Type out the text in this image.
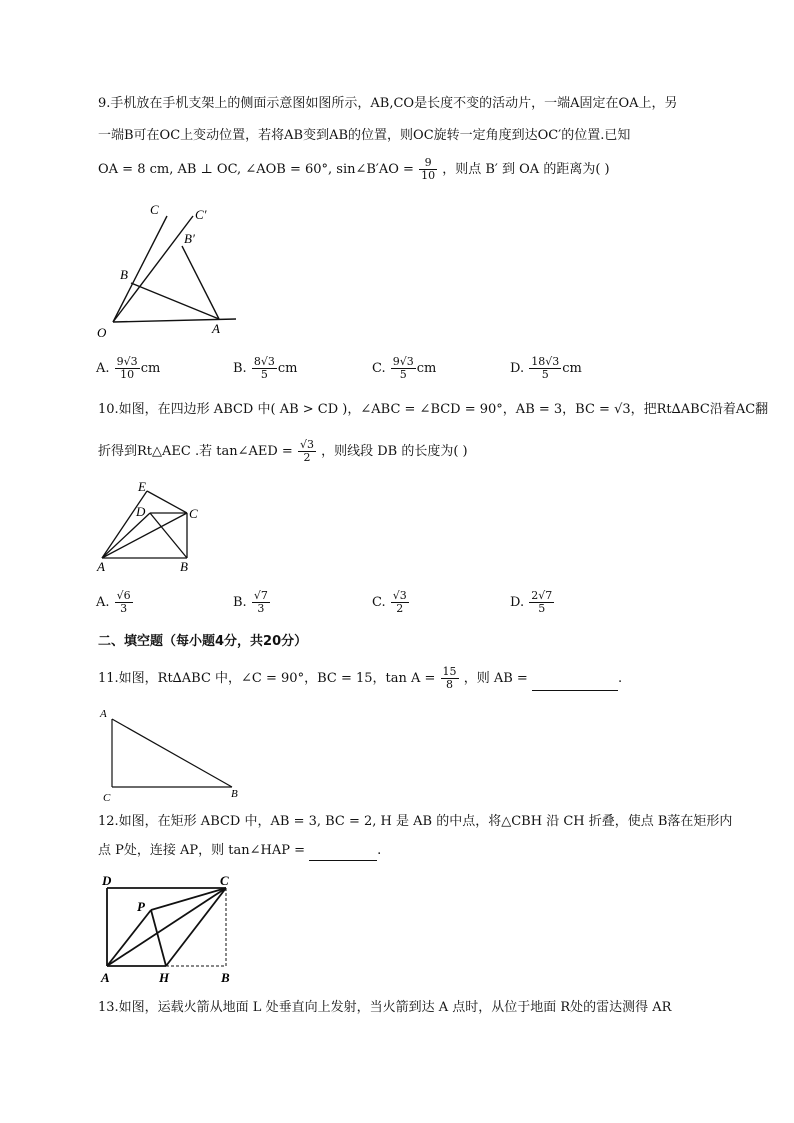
9.手机放在手机支架上的侧面示意图如图所示，AB,CO是长度不变的活动片，一端A固定在OA上，另
一端B可在OC上变动位置，若将AB变到AB的位置，则OC旋转一定角度到达OC′的位置.已知
OA = 8 cm, AB ⊥ OC, ∠AOB = 60°, sin∠B′AO = $\frac{9}{10}$ ，则点 B′ 到 OA 的距离为( )
C	C′
B′
B
O	A
A. $\frac{9√3}{10}$ cm	B. $\frac{8√3}{5}$ cm	C. $\frac{9√3}{5}$ cm	D. $\frac{18√3}{5}$ cm
10.如图，在四边形 ABCD 中( AB > CD )，∠ABC = ∠BCD = 90°，AB = 3，BC = √3，把Rt∆ABC沿着AC翻
折得到Rt△AEC .若 tan∠AED = $\frac{√3}{2}$ ，则线段 DB 的长度为( )
E
D	C
A	B
A. $\frac{√6}{3}$	B. $\frac{√7}{3}$	C. $\frac{√3}{2}$	D. $\frac{2√7}{5}$
二、填空题（每小题4分，共20分）
11.如图，Rt∆ABC 中，∠C = 90°，BC = 15，$\tan A = \frac{15}{8}$ ，则 AB =	.
A
C	B
12.如图，在矩形 ABCD 中，AB = 3, BC = 2, H 是 AB 的中点，将△CBH 沿 CH 折叠，使点 B落在矩形内
点 P处，连接 AP，则 tan∠HAP =	.
D	C
P
A	H	B
13.如图，运载火箭从地面 L 处垂直向上发射，当火箭到达 A 点时，从位于地面 R处的雷达测得 AR
